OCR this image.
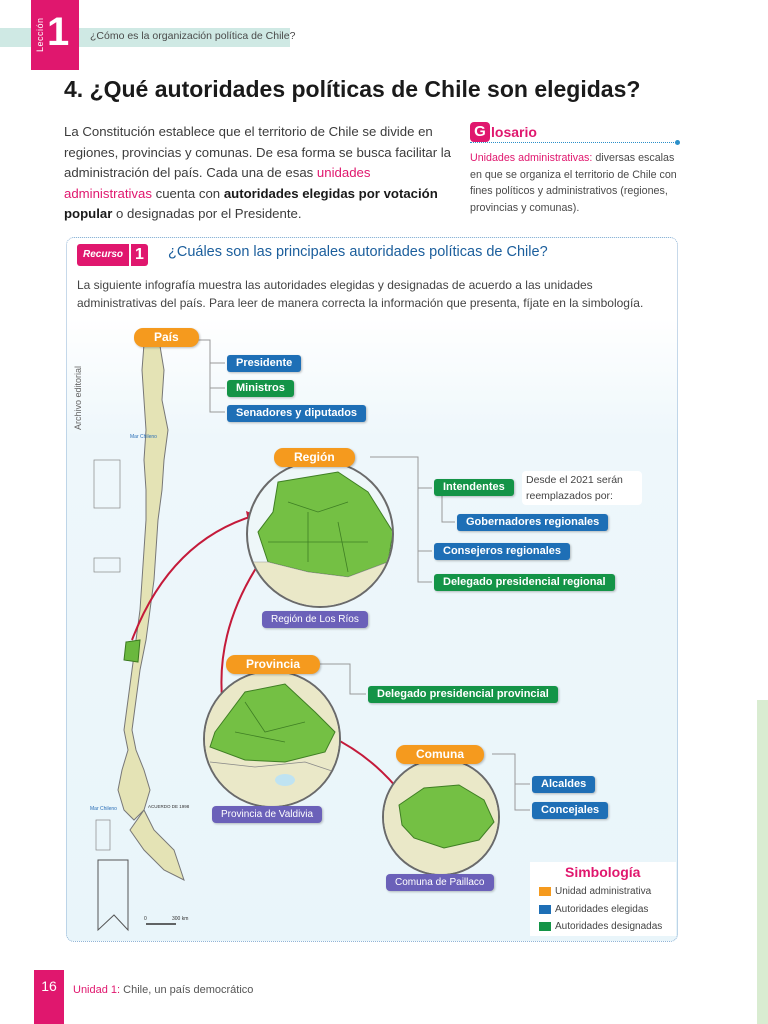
¿Cómo es la organización política de Chile?
Lección 1
4. ¿Qué autoridades políticas de Chile son elegidas?

La Constitución establece que el territorio de Chile se divide en regiones, provincias y comunas. De esa forma se busca facilitar la administración del país. Cada una de esas unidades administrativas cuenta con autoridades elegidas por votación popular o designadas por el Presidente.

G losario

Unidades administrativas: diversas escalas en que se organiza el territorio de Chile con fines políticos y administrativos (regiones, provincias y comunas).

Recurso 1 ¿Cuáles son las principales autoridades políticas de Chile?

La siguiente infografía muestra las autoridades elegidas y designadas de acuerdo a las unidades administrativas del país. Para leer de manera correcta la información que presenta, fíjate en la simbología.

Archivo editorial
Mar Chileno
Mar Chileno	ACUERDO DE 1998
0	300 km
País
Presidente
Ministros
Senadores y diputados
Región
Intendentes
Desde el 2021 serán reemplazados por:
Gobernadores regionales
Consejeros regionales
Delegado presidencial regional
Región de Los Ríos
Provincia
Delegado presidencial provincial
Provincia de Valdivia
Comuna
Alcaldes
Concejales
Comuna de Paillaco
Simbología
Unidad administrativa
Autoridades elegidas
Autoridades designadas
16	Unidad 1: Chile, un país democrático
